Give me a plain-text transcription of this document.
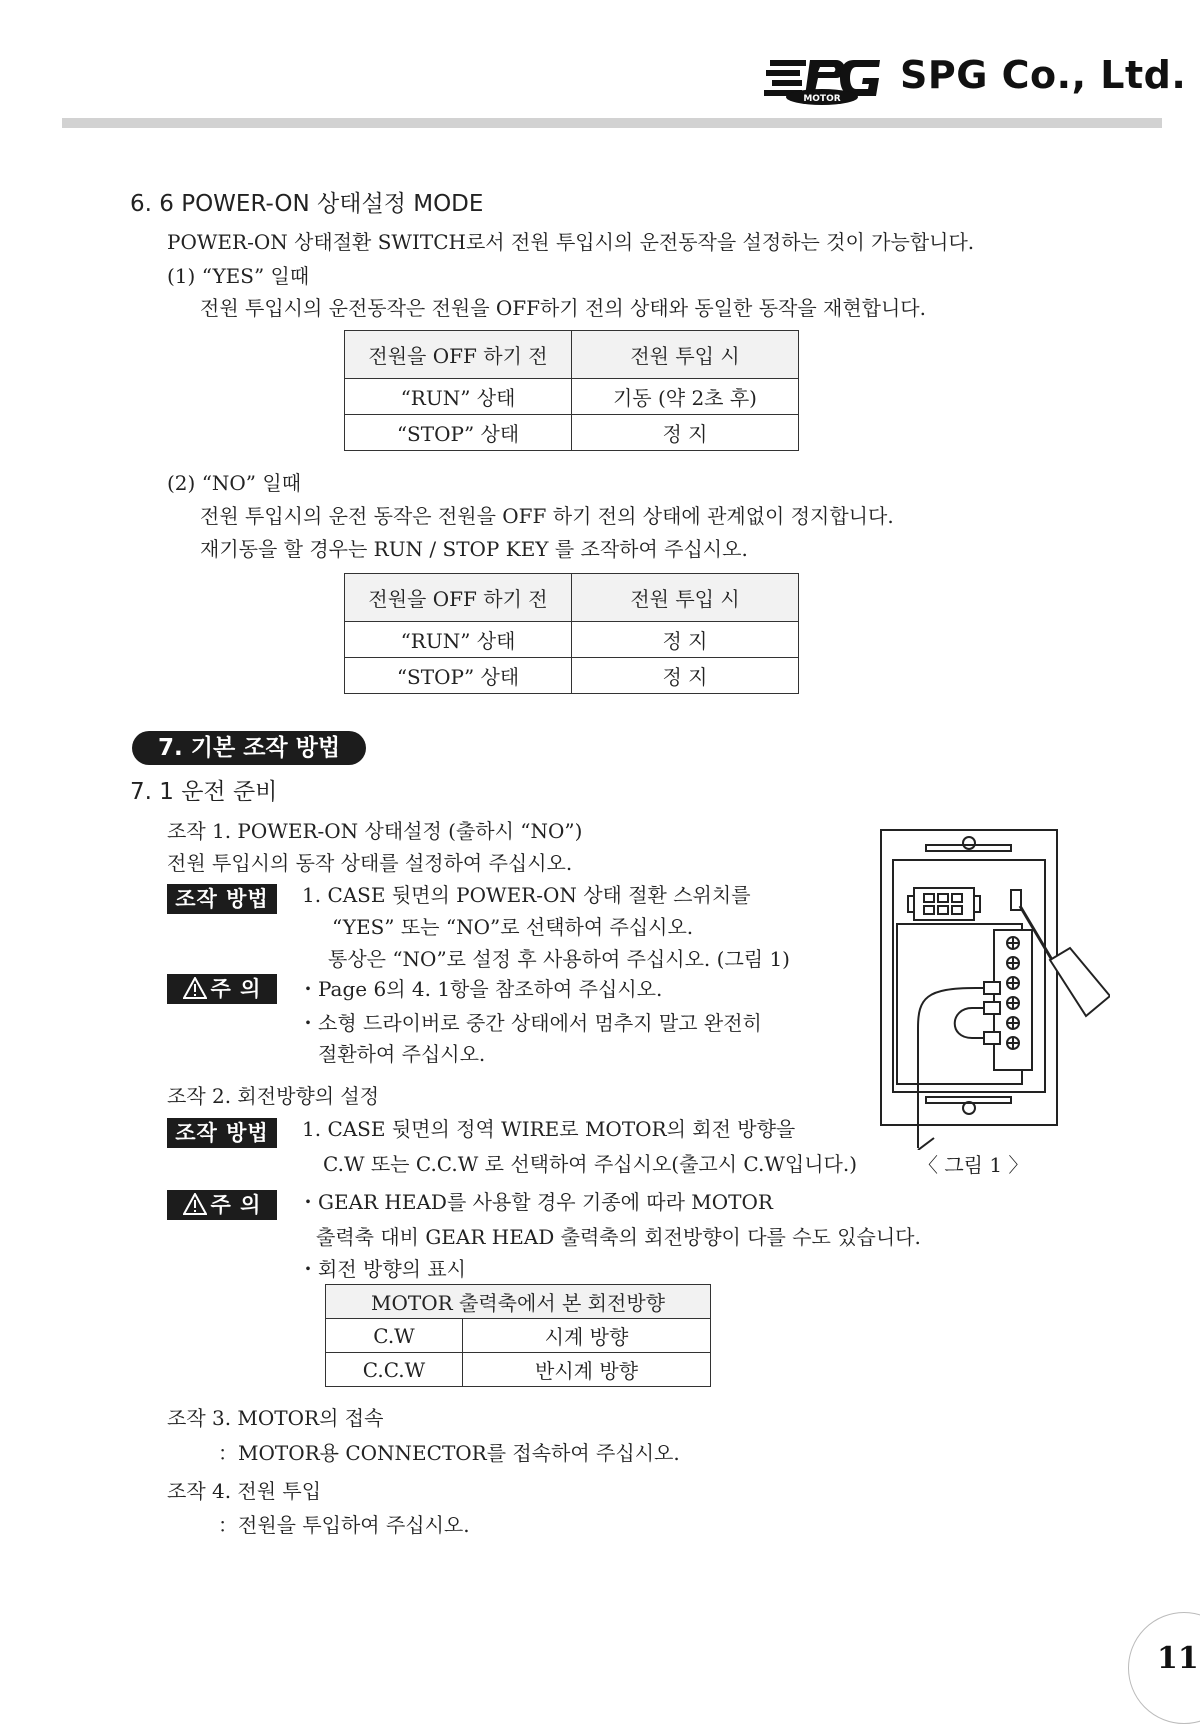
MOTOR
SPG Co., Ltd.
6. 6 POWER-ON 상태설정 MODE
POWER-ON 상태절환 SWITCH로서 전원 투입시의 운전동작을 설정하는 것이 가능합니다.
(1) “YES” 일때
전원 투입시의 운전동작은 전원을 OFF하기 전의 상태와 동일한 동작을 재현합니다.
전원을 OFF 하기 전	전원 투입 시
“RUN” 상태	기동 (약 2초 후)
“STOP” 상태	정 지
(2) “NO” 일때
전원 투입시의 운전 동작은 전원을 OFF 하기 전의 상태에 관계없이 정지합니다.
재기동을 할 경우는 RUN / STOP KEY 를 조작하여 주십시오.
전원을 OFF 하기 전	전원 투입 시
“RUN” 상태	정 지
“STOP” 상태	정 지
7. 기본 조작 방법
7. 1 운전 준비
조작 1. POWER-ON 상태설정 (출하시 “NO”)
전원 투입시의 동작 상태를 설정하여 주십시오.
조작 방법	1. CASE 뒷면의 POWER-ON 상태 절환 스위치를
“YES” 또는 “NO”로 선택하여 주십시오.
통상은 “NO”로 설정 후 사용하여 주십시오. (그림 1)
주 의	・Page 6의 4. 1항을 참조하여 주십시오.
・소형 드라이버로 중간 상태에서 멈추지 말고 완전히
절환하여 주십시오.
조작 2. 회전방향의 설정
조작 방법	1. CASE 뒷면의 정역 WIRE로 MOTOR의 회전 방향을
C.W 또는 C.C.W 로 선택하여 주십시오(출고시 C.W입니다.)	〈 그림 1 〉
주 의	・GEAR HEAD를 사용할 경우 기종에 따라 MOTOR
출력축 대비 GEAR HEAD 출력축의 회전방향이 다를 수도 있습니다.
・회전 방향의 표시
MOTOR 출력축에서 본 회전방향	
C.W	시계 방향
C.C.W	반시계 방향
조작 3. MOTOR의 접속
：MOTOR용 CONNECTOR를 접속하여 주십시오.
조작 4. 전원 투입
：전원을 투입하여 주십시오.
11
